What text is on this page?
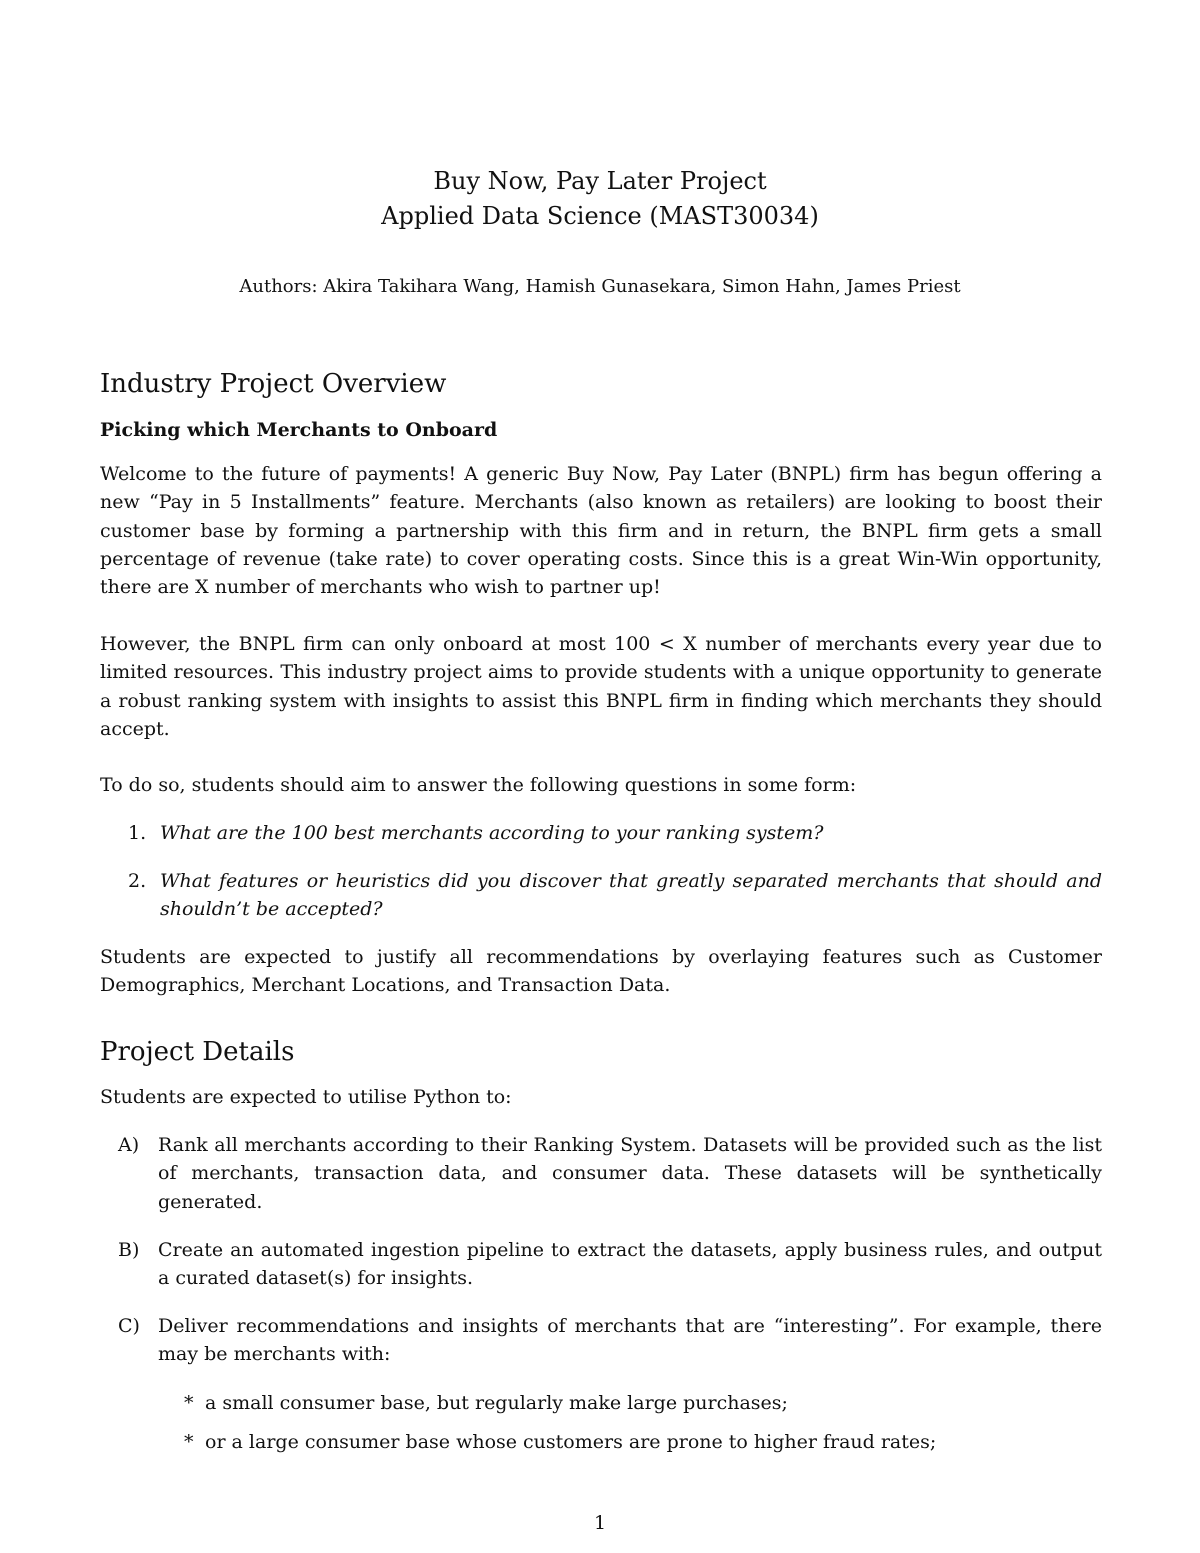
Buy Now, Pay Later Project
Applied Data Science (MAST30034)
Authors: Akira Takihara Wang, Hamish Gunasekara, Simon Hahn, James Priest
Industry Project Overview
Picking which Merchants to Onboard

Welcome to the future of payments! A generic Buy Now, Pay Later (BNPL) firm has begun offering a new “Pay in 5 Installments” feature. Merchants (also known as retailers) are looking to boost their customer base by forming a partnership with this firm and in return, the BNPL firm gets a small percentage of revenue (take rate) to cover operating costs. Since this is a great Win-Win opportunity, there are X number of merchants who wish to partner up!

However, the BNPL firm can only onboard at most 100 < X number of merchants every year due to limited resources. This industry project aims to provide students with a unique opportunity to generate a robust ranking system with insights to assist this BNPL firm in finding which merchants they should accept.

To do so, students should aim to answer the following questions in some form:

1. What are the 100 best merchants according to your ranking system?

2. What features or heuristics did you discover that greatly separated merchants that should and shouldn’t be accepted?

Students are expected to justify all recommendations by overlaying features such as Customer Demographics, Merchant Locations, and Transaction Data.

Project Details

Students are expected to utilise Python to:

A) Rank all merchants according to their Ranking System. Datasets will be provided such as the list of merchants, transaction data, and consumer data. These datasets will be synthetically generated.

B) Create an automated ingestion pipeline to extract the datasets, apply business rules, and output a curated dataset(s) for insights.

C) Deliver recommendations and insights of merchants that are “interesting”. For example, there may be merchants with:

* a small consumer base, but regularly make large purchases;

* or a large consumer base whose customers are prone to higher fraud rates;

1
